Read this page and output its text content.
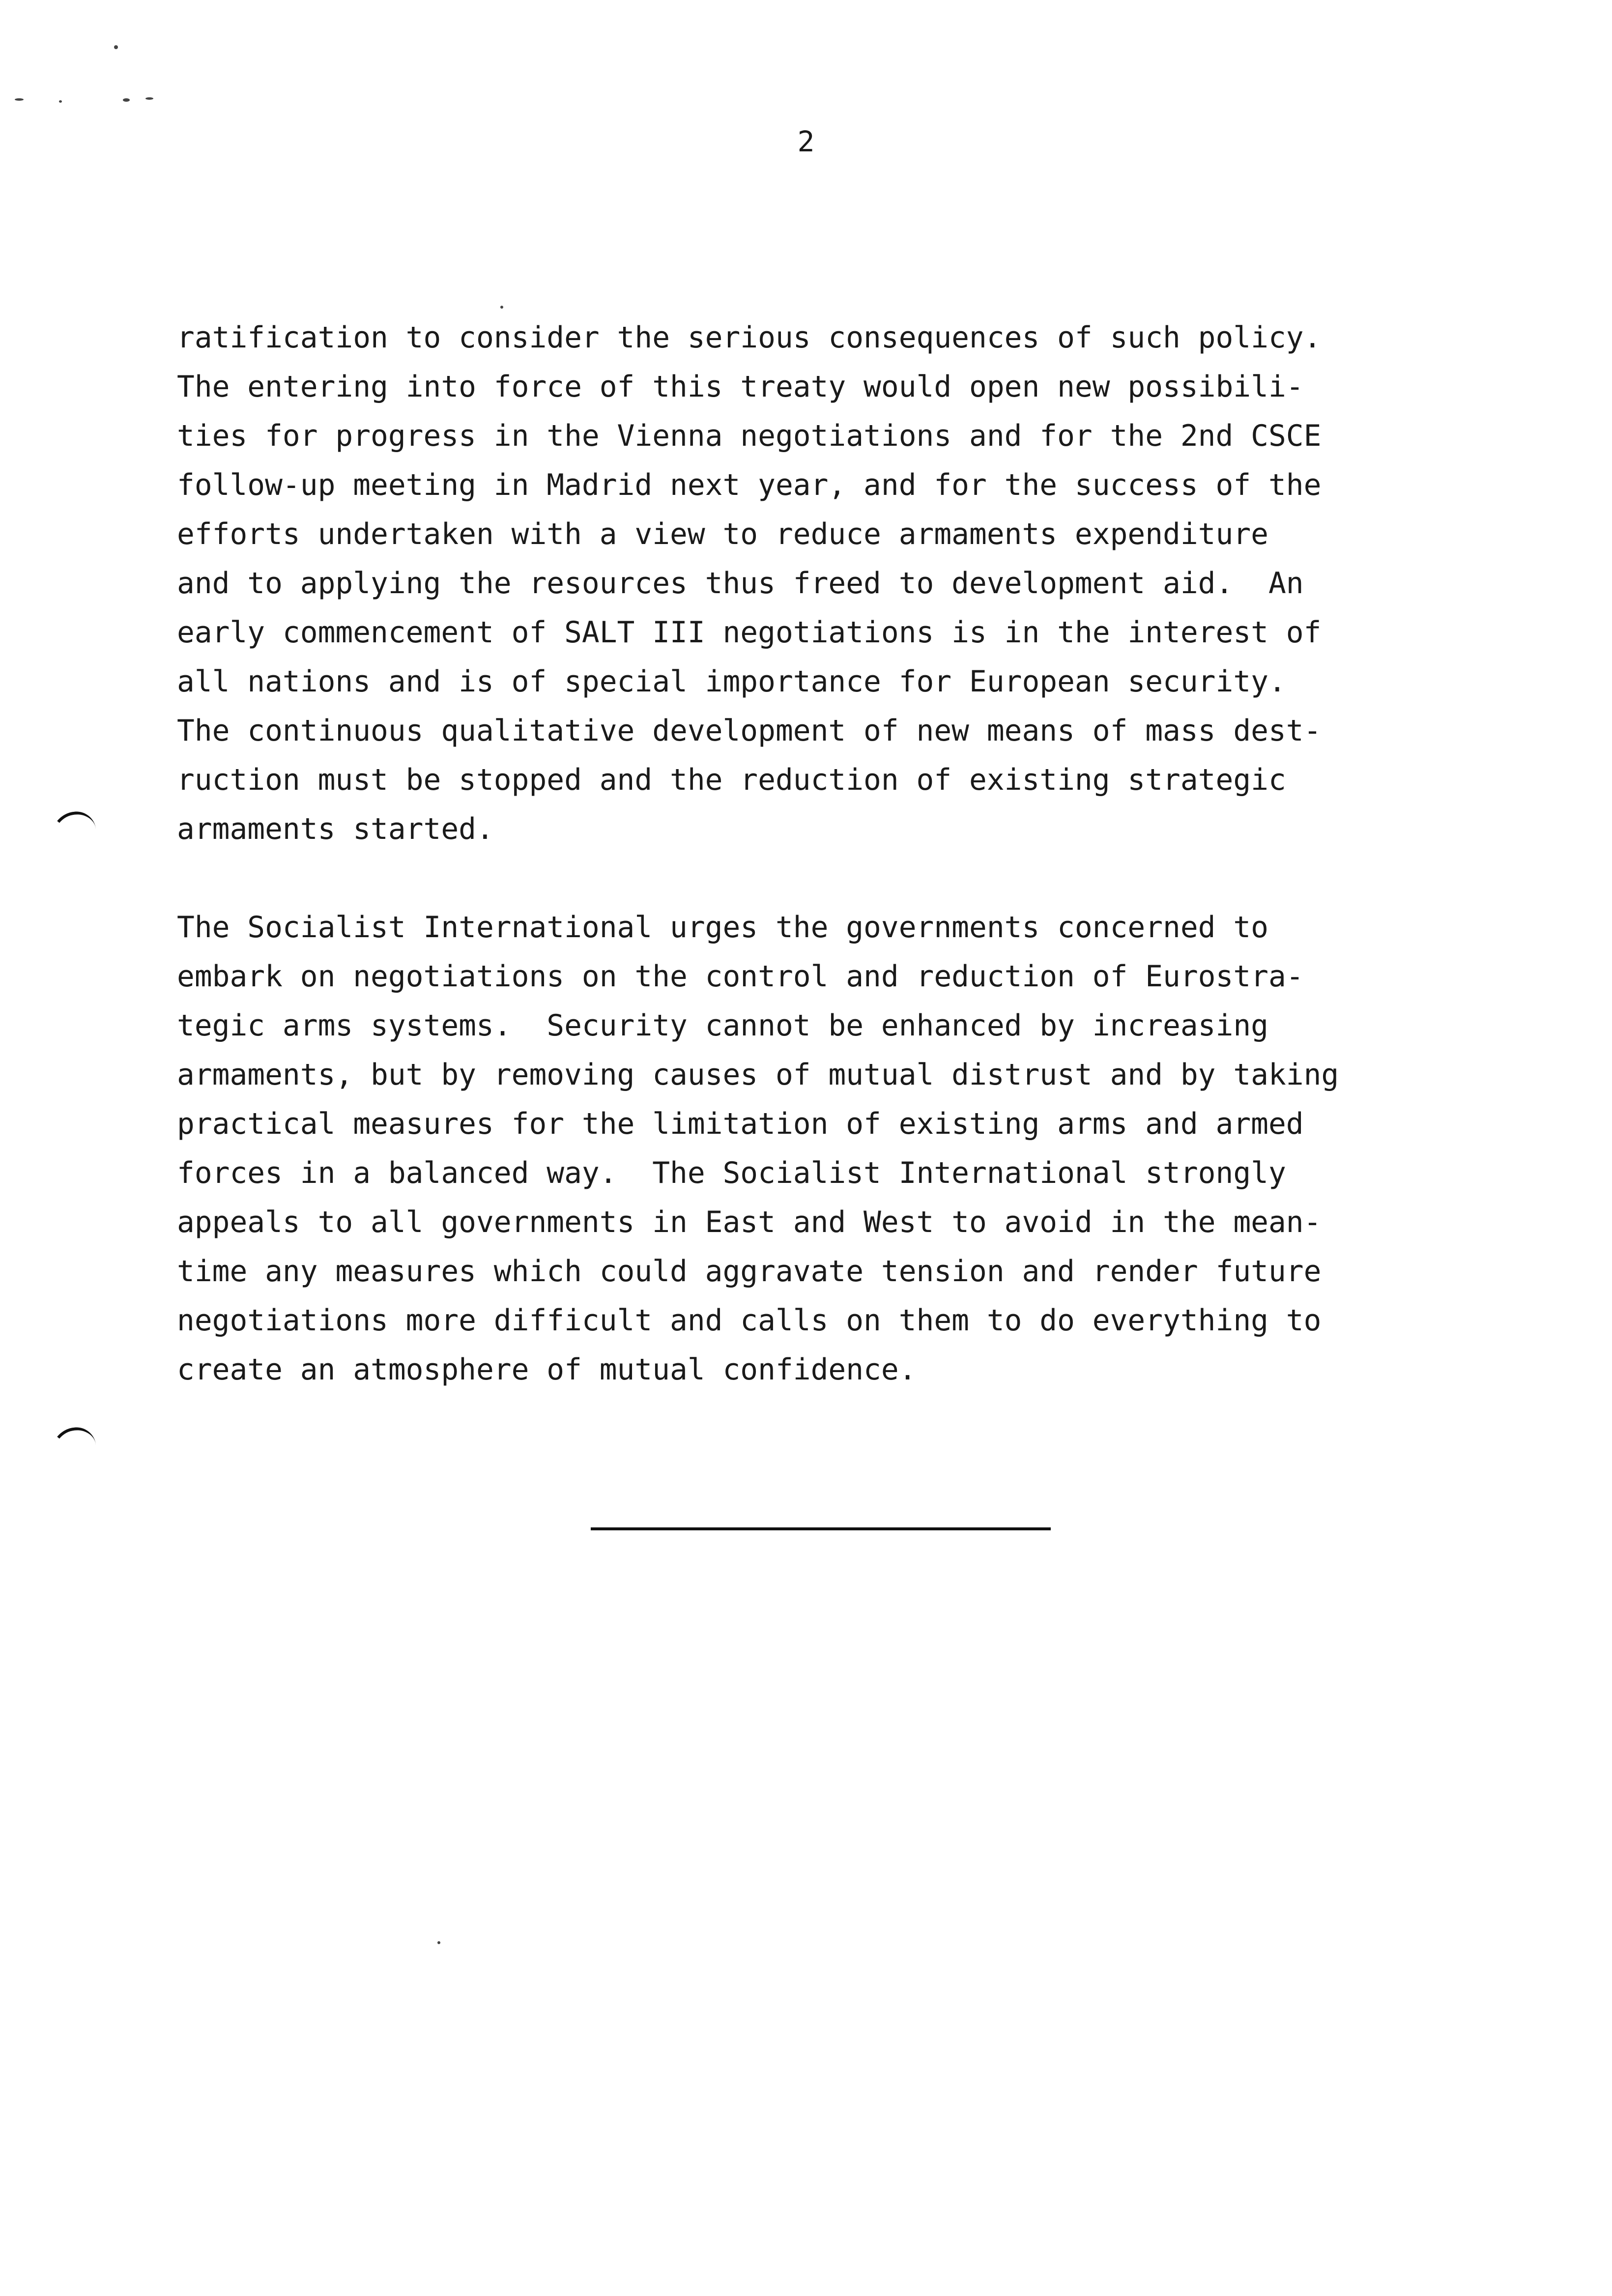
2
ratification to consider the serious consequences of such policy.
The entering into force of this treaty would open new possibili-
ties for progress in the Vienna negotiations and for the 2nd CSCE
follow-up meeting in Madrid next year, and for the success of the
efforts undertaken with a view to reduce armaments expenditure
and to applying the resources thus freed to development aid.  An
early commencement of SALT III negotiations is in the interest of
all nations and is of special importance for European security.
The continuous qualitative development of new means of mass dest-
ruction must be stopped and the reduction of existing strategic
armaments started.
The Socialist International urges the governments concerned to
embark on negotiations on the control and reduction of Eurostra-
tegic arms systems.  Security cannot be enhanced by increasing
armaments, but by removing causes of mutual distrust and by taking
practical measures for the limitation of existing arms and armed
forces in a balanced way.  The Socialist International strongly
appeals to all governments in East and West to avoid in the mean-
time any measures which could aggravate tension and render future
negotiations more difficult and calls on them to do everything to
create an atmosphere of mutual confidence.
